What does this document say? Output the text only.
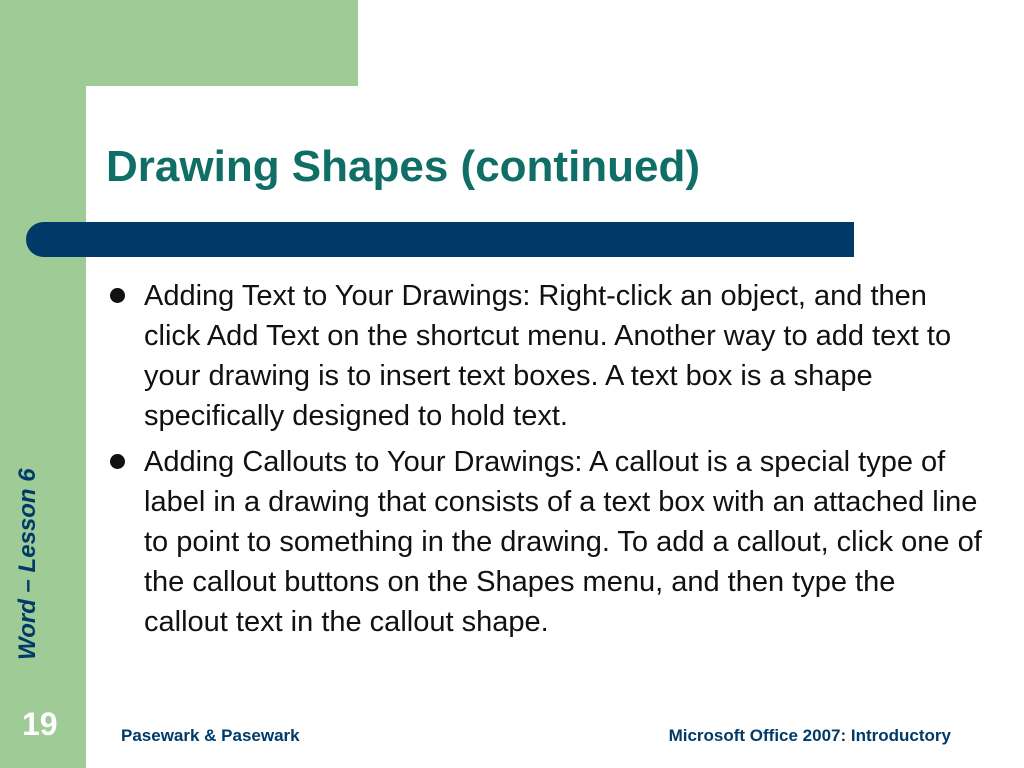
Drawing Shapes (continued)
Adding Text to Your Drawings: Right-click an object, and then click Add Text on the shortcut menu. Another way to add text to your drawing is to insert text boxes. A text box is a shape specifically designed to hold text.
Adding Callouts to Your Drawings: A callout is a special type of label in a drawing that consists of a text box with an attached line to point to something in the drawing. To add a callout, click one of the callout buttons on the Shapes menu, and then type the callout text in the callout shape.
Word – Lesson 6
19	Pasewark & Pasewark	Microsoft Office 2007: Introductory
